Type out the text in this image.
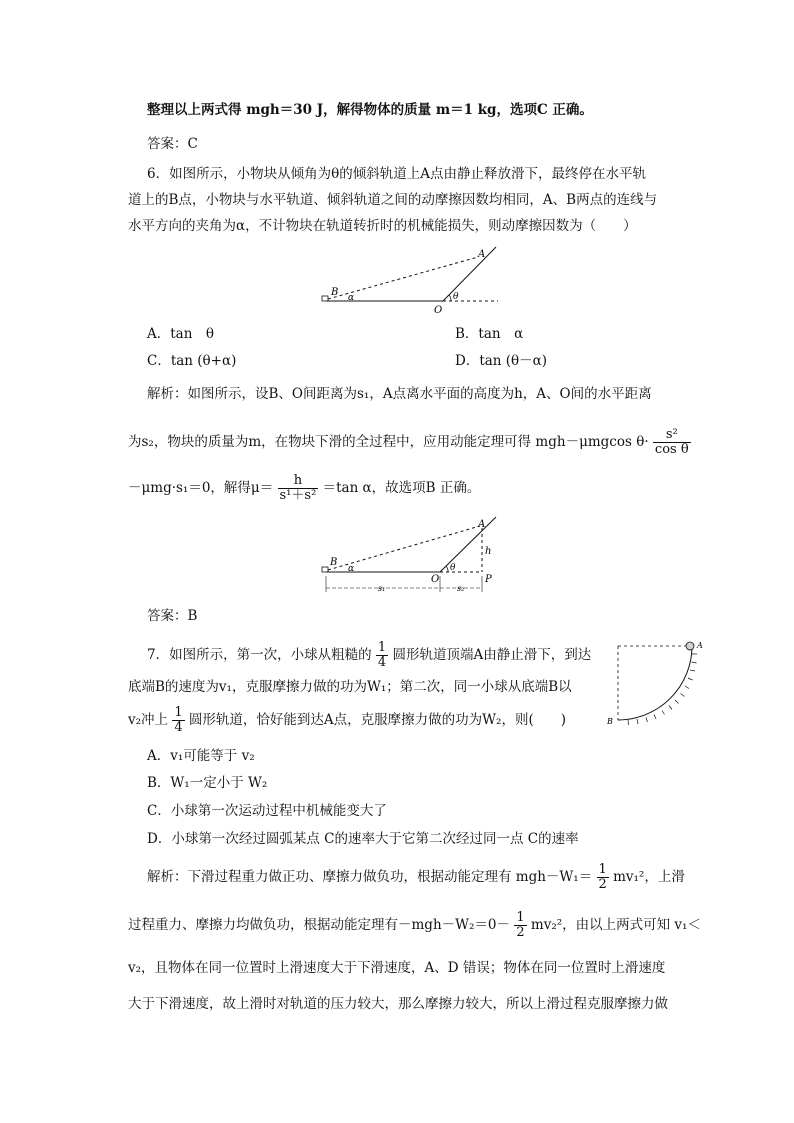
整理以上两式得 mgh＝30 J，解得物体的质量 m＝1 kg，选项C 正确。
答案：C
6．如图所示，小物块从倾角为θ的倾斜轨道上A点由静止释放滑下，最终停在水平轨
道上的B点，小物块与水平轨道、倾斜轨道之间的动摩擦因数均相同，A、B两点的连线与
水平方向的夹角为α，不计物块在轨道转折时的机械能损失，则动摩擦因数为（　　）
B α
A
θ
O
A．tan　θ	B．tan　α
C．tan (θ+α)	D．tan (θ－α)
解析：如图所示，设B、O间距离为s₁，A点离水平面的高度为h，A、O间的水平距离
为s₂，物块的质量为m，在物块下滑的全过程中，应用动能定理可得 mgh－μmgcos $\theta\cdot \frac{\text{s²}}{\text{cos θ}}$
－μmg·s₁＝0，解得$\mu= \frac{h}{\text{s¹＋s²}} =\tan$ α，故选项B 正确。
B
α
A
h
θ
O	P
s₁	s₂
答案：B
7．如图所示，第一次，小球从粗糙的 $\frac{1}{4}$ 圆形轨道顶端A由静止滑下，到达
底端B的速度为v₁，克服摩擦力做的功为W₁；第二次，同一小球从底端B以
v₂冲上 $\frac{1}{4}$ 圆形轨道，恰好能到达A点，克服摩擦力做的功为W₂，则(　　)
A
B
A．v₁可能等于 v₂
B．W₁一定小于 W₂
C．小球第一次运动过程中机械能变大了
D．小球第一次经过圆弧某点 C的速率大于它第二次经过同一点 C的速率
解析：下滑过程重力做正功、摩擦力做负功，根据动能定理有 $mgh-W_1= \frac{1}{2} mv_1^2$，上滑
过程重力、摩擦力均做负功，根据动能定理有$-mgh-W_2=0- \frac{1}{2} mv_2^2$，由以上两式可知 v₁＜
v₂，且物体在同一位置时上滑速度大于下滑速度，A、D 错误；物体在同一位置时上滑速度
大于下滑速度，故上滑时对轨道的压力较大，那么摩擦力较大，所以上滑过程克服摩擦力做
